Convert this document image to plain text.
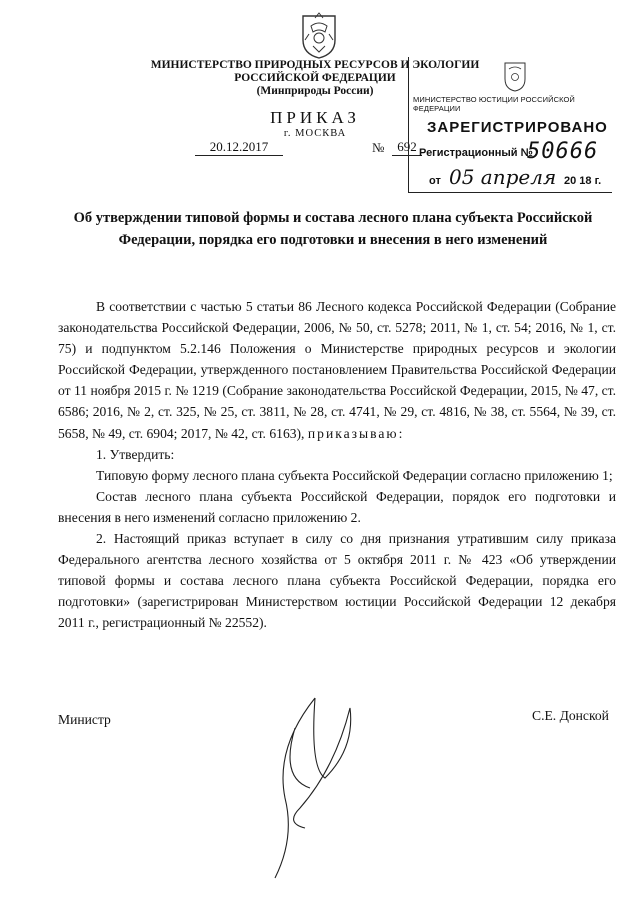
МИНИСТЕРСТВО ПРИРОДНЫХ РЕСУРСОВ И ЭКОЛОГИИ
РОССИЙСКОЙ ФЕДЕРАЦИИ
(Минприроды России)
ПРИКАЗ
г. МОСКВА
20.12.2017	№ 692
МИНИСТЕРСТВО ЮСТИЦИИ РОССИЙСКОЙ ФЕДЕРАЦИИ
ЗАРЕГИСТРИРОВАНО
Регистрационный №
50666
от 05 апреля 20 18 г.
Об утверждении типовой формы и состава лесного плана субъекта Российской Федерации, порядка его подготовки и внесения в него изменений

В соответствии с частью 5 статьи 86 Лесного кодекса Российской Федерации (Собрание законодательства Российской Федерации, 2006, № 50, ст. 5278; 2011, № 1, ст. 54; 2016, № 1, ст. 75) и подпунктом 5.2.146 Положения о Министерстве природных ресурсов и экологии Российской Федерации, утвержденного постановлением Правительства Российской Федерации от 11 ноября 2015 г. № 1219 (Собрание законодательства Российской Федерации, 2015, № 47, ст. 6586; 2016, № 2, ст. 325, № 25, ст. 3811, № 28, ст. 4741, № 29, ст. 4816, № 38, ст. 5564, № 39, ст. 5658, № 49, ст. 6904; 2017, № 42, ст. 6163), приказываю:

1. Утвердить:

Типовую форму лесного плана субъекта Российской Федерации согласно приложению 1;

Состав лесного плана субъекта Российской Федерации, порядок его подготовки и внесения в него изменений согласно приложению 2.

2. Настоящий приказ вступает в силу со дня признания утратившим силу приказа Федерального агентства лесного хозяйства от 5 октября 2011 г. № 423 «Об утверждении типовой формы и состава лесного плана субъекта Российской Федерации, порядка его подготовки» (зарегистрирован Министерством юстиции Российской Федерации 12 декабря 2011 г., регистрационный № 22552).

Министр	С.Е. Донской
